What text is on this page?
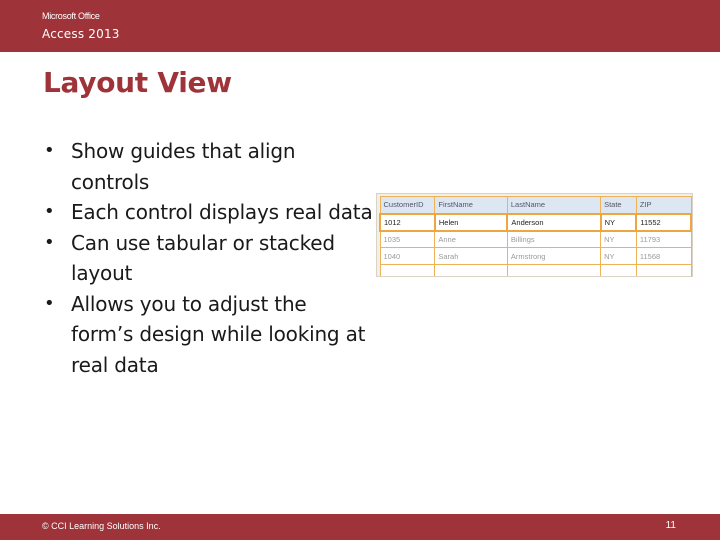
Microsoft Office
Access 2013
Layout View
• Show guides that align controls
• Each control displays real data
• Can use tabular or stacked layout
• Allows you to adjust the form’s design while looking at real data
CustomerID	FirstName	LastName	State	ZIP
1012	Helen	Anderson	NY	11552
1035	Anne	Billings	NY	11793
1040	Sarah	Armstrong	NY	11568

© CCI Learning Solutions Inc.	11
